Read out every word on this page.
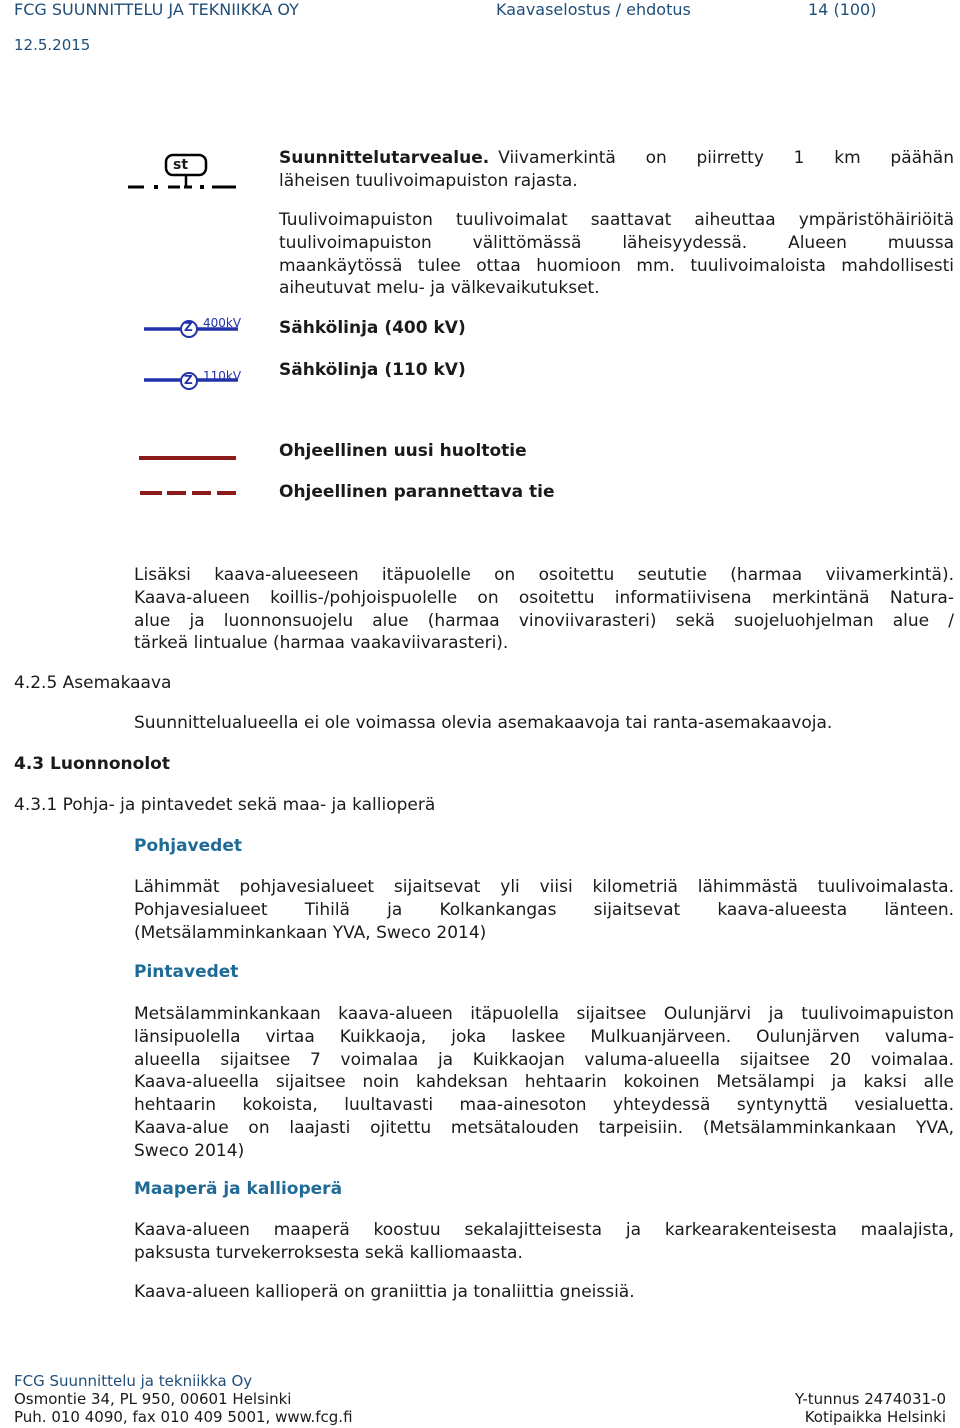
FCG SUUNNITTELU JA TEKNIIKKA OY	Kaavaselostus / ehdotus	14 (100)
12.5.2015
st	Suunnittelutarvealue. Viivamerkintä on piirretty 1 km päähän
läheisen tuulivoimapuiston rajasta.
Tuulivoimapuiston tuulivoimalat saattavat aiheuttaa ympäristöhäiriöitä
tuulivoimapuiston välittömässä läheisyydessä. Alueen muussa
maankäytössä tulee ottaa huomioon mm. tuulivoimaloista mahdollisesti
aiheutuvat melu- ja välkevaikutukset.
Z 400kV Sähkölinja (400 kV)
Z 110kV Sähkölinja (110 kV)
Ohjeellinen uusi huoltotie
Ohjeellinen parannettava tie
Lisäksi kaava-alueeseen itäpuolelle on osoitettu seututie (harmaa viivamerkintä).
Kaava-alueen koillis-/pohjoispuolelle on osoitettu informatiivisena merkintänä Natura-
alue ja luonnonsuojelu alue (harmaa vinoviivarasteri) sekä suojeluohjelman alue /
tärkeä lintualue (harmaa vaakaviivarasteri).
4.2.5 Asemakaava
Suunnittelualueella ei ole voimassa olevia asemakaavoja tai ranta-asemakaavoja.
4.3 Luonnonolot
4.3.1 Pohja- ja pintavedet sekä maa- ja kallioperä
Pohjavedet
Lähimmät pohjavesialueet sijaitsevat yli viisi kilometriä lähimmästä tuulivoimalasta.
Pohjavesialueet Tihilä ja Kolkankangas sijaitsevat kaava-alueesta länteen.
(Metsälamminkankaan YVA, Sweco 2014)
Pintavedet
Metsälamminkankaan kaava-alueen itäpuolella sijaitsee Oulunjärvi ja tuulivoimapuiston
länsipuolella virtaa Kuikkaoja, joka laskee Mulkuanjärveen. Oulunjärven valuma-
alueella sijaitsee 7 voimalaa ja Kuikkaojan valuma-alueella sijaitsee 20 voimalaa.
Kaava-alueella sijaitsee noin kahdeksan hehtaarin kokoinen Metsälampi ja kaksi alle
hehtaarin kokoista, luultavasti maa-ainesoton yhteydessä syntynyttä vesialuetta.
Kaava-alue on laajasti ojitettu metsätalouden tarpeisiin. (Metsälamminkankaan YVA,
Sweco 2014)
Maaperä ja kallioperä
Kaava-alueen maaperä koostuu sekalajitteisesta ja karkearakenteisesta maalajista,
paksusta turvekerroksesta sekä kalliomaasta.
Kaava-alueen kallioperä on graniittia ja tonaliittia gneissiä.
FCG Suunnittelu ja tekniikka Oy
Osmontie 34, PL 950, 00601 Helsinki
Puh. 010 4090, fax 010 409 5001, www.fcg.fi
Y-tunnus 2474031-0
Kotipaikka Helsinki
